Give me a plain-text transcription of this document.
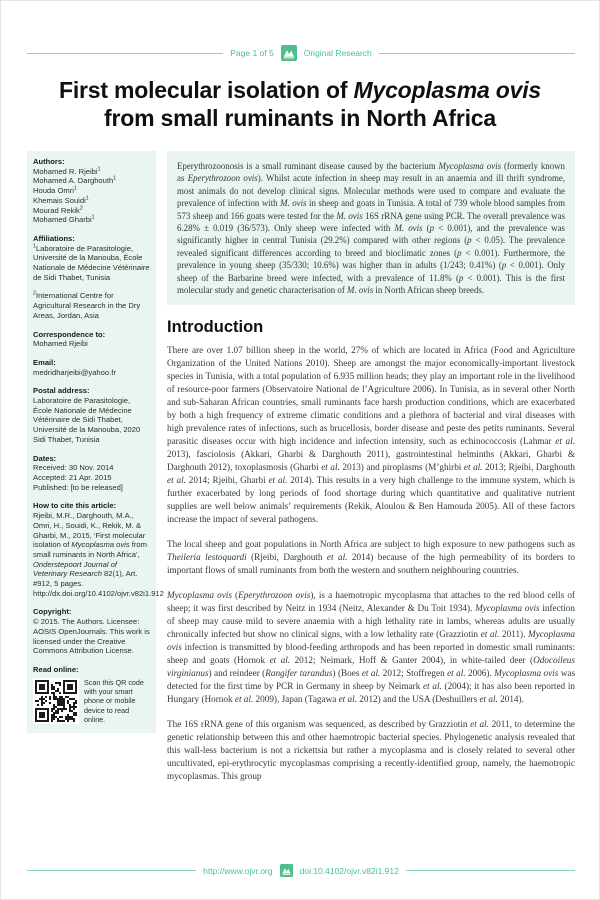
Page 1 of 5	Original Research
First molecular isolation of Mycoplasma ovis
from small ruminants in North Africa
Authors:
Mohamed R. Rjeibi$^1$
Mohamed A. Darghouth$^1$
Houda Omri$^1$
Khemais Souidi$^1$
Mourad Rekik$^2$
Mohamed Gharbi$^1$
Affiliations:
$^1$Laboratoire de Parasitologie, Université de la Manouba, École Nationale de Médecine Vétérinaire de Sidi Thabet, Tunisia
$^2$International Centre for Agricultural Research in the Dry Areas, Jordan, Asia
Correspondence to:
Mohamed Rjeibi
Email:
medridharjeibi@yahoo.fr
Postal address:
Laboratoire de Parasitologie, École Nationale de Médecine Vétérinaire de Sidi Thabet, Université de la Manouba, 2020 Sidi Thabet, Tunisia
Dates:
Received: 30 Nov. 2014
Accepted: 21 Apr. 2015
Published: [to be released]
How to cite this article:
Rjeibi, M.R., Darghouth, M.A., Omri, H., Souidi, K., Rekik, M. & Gharbi, M., 2015, ‘First molecular isolation of Mycoplasma ovis from small ruminants in North Africa’, Onderstepoort Journal of Veterinary Research 82(1), Art. #912, 5 pages. http://dx.doi.org/10.4102/ojvr.v82i1.912
Copyright:
© 2015. The Authors. Licensee: AOSIS OpenJournals. This work is licensed under the Creative Commons Attribution License.
Read online:
Scan this QR code with your smart phone or mobile device to read online.
Eperythrozoonosis is a small ruminant disease caused by the bacterium Mycoplasma ovis (formerly known as Eperythrozoon ovis). Whilst acute infection in sheep may result in an anaemia and ill thrift syndrome, most animals do not develop clinical signs. Molecular methods were used to compare and evaluate the prevalence of infection with M. ovis in sheep and goats in Tunisia. A total of 739 whole blood samples from 573 sheep and 166 goats were tested for the M. ovis 16S rRNA gene using PCR. The overall prevalence was 6.28% ± 0.019 (36/573). Only sheep were infected with M. ovis (p < 0.001), and the prevalence was significantly higher in central Tunisia (29.2%) compared with other regions (p < 0.05). The prevalence revealed significant differences according to breed and bioclimatic zones (p < 0.001). Furthermore, the prevalence in young sheep (35/330; 10.6%) was higher than in adults (1/243; 0.41%) (p < 0.001). Only sheep of the Barbarine breed were infected, with a prevalence of 11.8% (p < 0.001). This is the first molecular study and genetic characterisation of M. ovis in North African sheep breeds.
Introduction

There are over 1.07 billion sheep in the world, 27% of which are located in Africa (Food and Agriculture Organization of the United Nations 2010). Sheep are amongst the major economically-important livestock species in Tunisia, with a total population of 6.935 million heads; they play an important role in the livelihood of resource-poor farmers (Observatoire National de l’Agriculture 2006). In Tunisia, as in several other North and sub-Saharan African countries, small ruminants face harsh production conditions, which are exacerbated by both a high frequency of extreme climatic conditions and a plethora of bacterial and viral diseases with high prevalence rates of infections, such as brucellosis, border disease and peste des petits ruminants. Several parasitic diseases occur with high incidence and infection intensity, such as echinococcosis (Lahmar et al. 2013), fasciolosis (Akkari, Gharbi & Darghouth 2011), gastrointestinal helminths (Akkari, Gharbi & Darghouth 2012), toxoplasmosis (Gharbi et al. 2013) and piroplasms (M’ghirbi et al. 2013; Rjeibi, Darghouth et al. 2014; Rjeibi, Gharbi et al. 2014). This results in a very high challenge to the immune system, which is further exacerbated by long periods of food shortage during which quantitative and qualitative nutrient supplies are well below animals’ requirements (Rekik, Aloulou & Ben Hamouda 2005). All of these factors increase the impact of several pathogens.

The local sheep and goat populations in North Africa are subject to high exposure to new pathogens such as Theileria lestoquardi (Rjeibi, Darghouth et al. 2014) because of the high permeability of its borders to important flows of small ruminants from both the western and southern neighbouring countries.

Mycoplasma ovis (Eperythrozoon ovis), is a haemotropic mycoplasma that attaches to the red blood cells of sheep; it was first described by Neitz in 1934 (Neitz, Alexander & Du Toit 1934). Mycoplasma ovis infection of sheep may cause mild to severe anaemia with a high lethality rate in lambs, whereas adults are usually chronically infected but show no clinical signs, with a low lethality rate (Grazziotin et al. 2011). Mycoplasma ovis infection is transmitted by blood-feeding arthropods and has been reported in domestic small ruminants: sheep and goats (Hornok et al. 2012; Neimark, Hoff & Ganter 2004), in white-tailed deer (Odocoileus virginianus) and reindeer (Rangifer tarandus) (Boes et al. 2012; Stoffregen et al. 2006). Mycoplasma ovis was detected for the first time by PCR in Germany in sheep by Neimark et al. (2004); it has also been reported in Hungary (Hornok et al. 2009), Japan (Tagawa et al. 2012) and the USA (Deshuillers et al. 2014).

The 16S rRNA gene of this organism was sequenced, as described by Grazziotin et al. 2011, to determine the genetic relationship between this and other haemotropic bacterial species. Phylogenetic analysis revealed that this wall-less bacterium is not a rickettsia but rather a mycoplasma and is closely related to several other uncultivated, epi-erythrocytic mycoplasmas comprising a recently-identified group, namely, the haemotropic mycoplasmas. This group

http://www.ojvr.org	doi:10.4102/ojvr.v82i1.912
